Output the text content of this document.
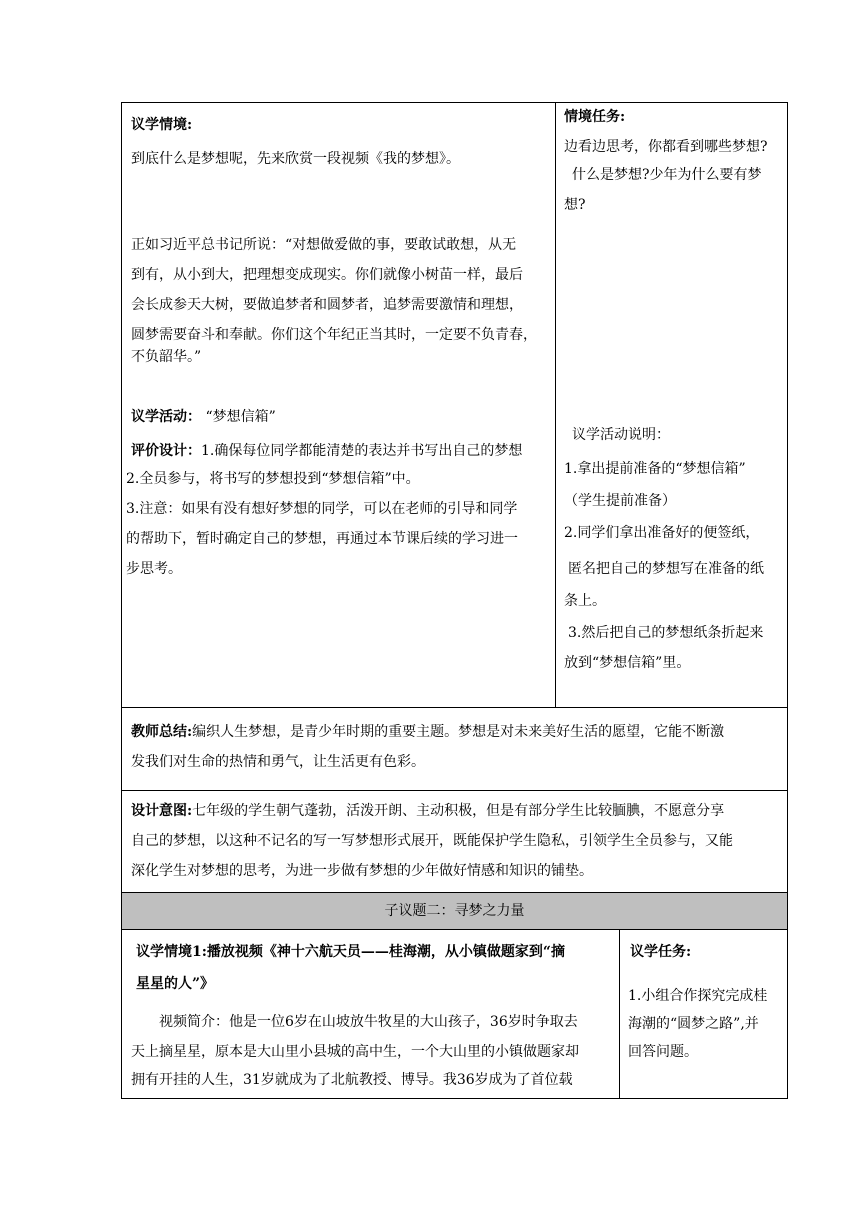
议学情境:
到底什么是梦想呢，先来欣赏一段视频《我的梦想》。
正如习近平总书记所说：“对想做爱做的事，要敢试敢想，从无
到有，从小到大，把理想变成现实。你们就像小树苗一样，最后
会长成参天大树，要做追梦者和圆梦者，追梦需要激情和理想，
圆梦需要奋斗和奉献。你们这个年纪正当其时，一定要不负青春，
不负韶华。”
议学活动： “梦想信箱”
评价设计：1.确保每位同学都能清楚的表达并书写出自己的梦想
2.全员参与，将书写的梦想投到“梦想信箱”中。
3.注意：如果有没有想好梦想的同学，可以在老师的引导和同学
的帮助下，暂时确定自己的梦想，再通过本节课后续的学习进一
步思考。
情境任务:
边看边思考，你都看到哪些梦想?
什么是梦想?少年为什么要有梦
想?
议学活动说明：
1.拿出提前准备的“梦想信箱”
（学生提前准备）
2.同学们拿出准备好的便签纸，
匿名把自己的梦想写在准备的纸
条上。
3.然后把自己的梦想纸条折起来
放到“梦想信箱”里。
教师总结:编织人生梦想，是青少年时期的重要主题。梦想是对未来美好生活的愿望，它能不断激
发我们对生命的热情和勇气，让生活更有色彩。
设计意图:七年级的学生朝气蓬勃，活泼开朗、主动积极，但是有部分学生比较腼腆，不愿意分享
自己的梦想，以这种不记名的写一写梦想形式展开，既能保护学生隐私，引领学生全员参与，又能
深化学生对梦想的思考，为进一步做有梦想的少年做好情感和知识的铺垫。
子议题二：寻梦之力量
议学情境1:播放视频《神十六航天员——桂海潮，从小镇做题家到“摘
星星的人”》
视频简介：他是一位6岁在山坡放牛牧星的大山孩子，36岁时争取去
天上摘星星，原本是大山里小县城的高中生，一个大山里的小镇做题家却
拥有开挂的人生，31岁就成为了北航教授、博导。我36岁成为了首位载
议学任务:
1.小组合作探究完成桂
海潮的“圆梦之路”,并
回答问题。
